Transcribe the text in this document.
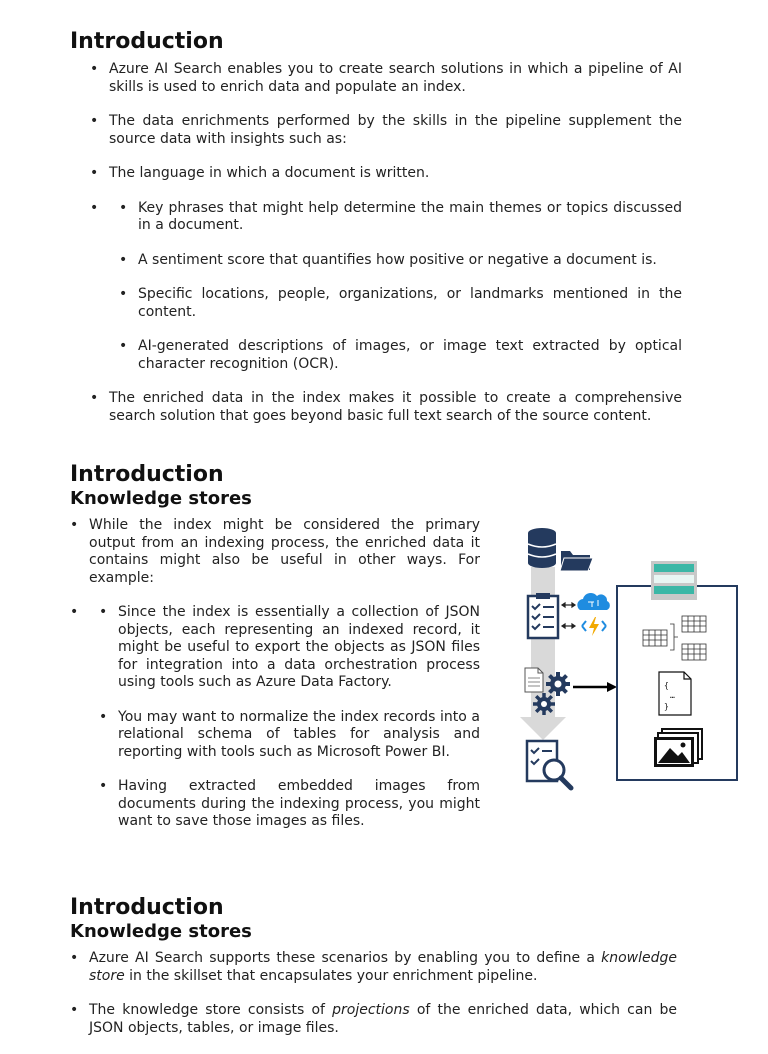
Introduction
• Azure AI Search enables you to create search solutions in which a pipeline of AI skills is used to enrich data and populate an index.
• The data enrichments performed by the skills in the pipeline supplement the source data with insights such as:
• The language in which a document is written.
• • Key phrases that might help determine the main themes or topics discussed in a document.
• A sentiment score that quantifies how positive or negative a document is.
• Specific locations, people, organizations, or landmarks mentioned in the content.
• AI-generated descriptions of images, or image text extracted by optical character recognition (OCR).
• The enriched data in the index makes it possible to create a comprehensive search solution that goes beyond basic full text search of the source content.
Introduction
Knowledge stores
• While the index might be considered the primary output from an indexing process, the enriched data it contains might also be useful in other ways. For example:
• • Since the index is essentially a collection of JSON objects, each representing an indexed record, it might be useful to export the objects as JSON files for integration into a data orchestration process using tools such as Azure Data Factory.
• You may want to normalize the index records into a relational schema of tables for analysis and reporting with tools such as Microsoft Power BI.
• Having extracted embedded images from documents during the indexing process, you might want to save those images as files.
{
…
}
Introduction
Knowledge stores
• Azure AI Search supports these scenarios by enabling you to define a knowledge store in the skillset that encapsulates your enrichment pipeline.
• The knowledge store consists of projections of the enriched data, which can be JSON objects, tables, or image files.
